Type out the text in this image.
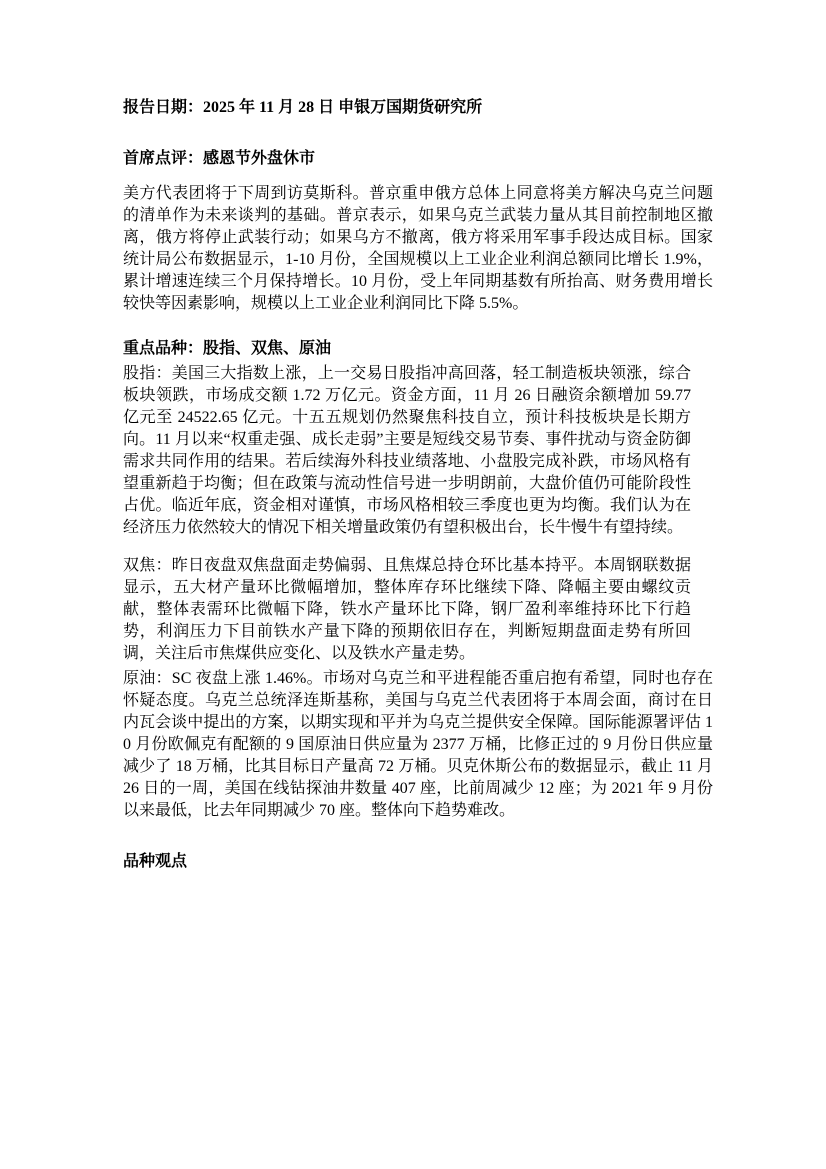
报告日期：2025 年 11 月 28 日 申银万国期货研究所

首席点评：感恩节外盘休市

美方代表团将于下周到访莫斯科。普京重申俄方总体上同意将美方解决乌克兰问题的清单作为未来谈判的基础。普京表示，如果乌克兰武装力量从其目前控制地区撤离，俄方将停止武装行动；如果乌方不撤离，俄方将采用军事手段达成目标。国家统计局公布数据显示，1-10 月份，全国规模以上工业企业利润总额同比增长 1.9%，累计增速连续三个月保持增长。10 月份，受上年同期基数有所抬高、财务费用增长较快等因素影响，规模以上工业企业利润同比下降 5.5%。

重点品种：股指、双焦、原油

股指：美国三大指数上涨，上一交易日股指冲高回落，轻工制造板块领涨，综合板块领跌，市场成交额 1.72 万亿元。资金方面，11 月 26 日融资余额增加 59.77 亿元至 24522.65 亿元。十五五规划仍然聚焦科技自立，预计科技板块是长期方向。11 月以来“权重走强、成长走弱”主要是短线交易节奏、事件扰动与资金防御需求共同作用的结果。若后续海外科技业绩落地、小盘股完成补跌，市场风格有望重新趋于均衡；但在政策与流动性信号进一步明朗前，大盘价值仍可能阶段性占优。临近年底，资金相对谨慎，市场风格相较三季度也更为均衡。我们认为在经济压力依然较大的情况下相关增量政策仍有望积极出台，长牛慢牛有望持续。

双焦：昨日夜盘双焦盘面走势偏弱、且焦煤总持仓环比基本持平。本周钢联数据显示，五大材产量环比微幅增加，整体库存环比继续下降、降幅主要由螺纹贡献，整体表需环比微幅下降，铁水产量环比下降，钢厂盈利率维持环比下行趋势，利润压力下目前铁水产量下降的预期依旧存在，判断短期盘面走势有所回调，关注后市焦煤供应变化、以及铁水产量走势。

原油：SC 夜盘上涨 1.46%。市场对乌克兰和平进程能否重启抱有希望，同时也存在怀疑态度。乌克兰总统泽连斯基称，美国与乌克兰代表团将于本周会面，商讨在日内瓦会谈中提出的方案，以期实现和平并为乌克兰提供安全保障。国际能源署评估 10 月份欧佩克有配额的 9 国原油日供应量为 2377 万桶，比修正过的 9 月份日供应量减少了 18 万桶，比其目标日产量高 72 万桶。贝克休斯公布的数据显示，截止 11 月 26 日的一周，美国在线钻探油井数量 407 座，比前周减少 12 座；为 2021 年 9 月份以来最低，比去年同期减少 70 座。整体向下趋势难改。

品种观点
